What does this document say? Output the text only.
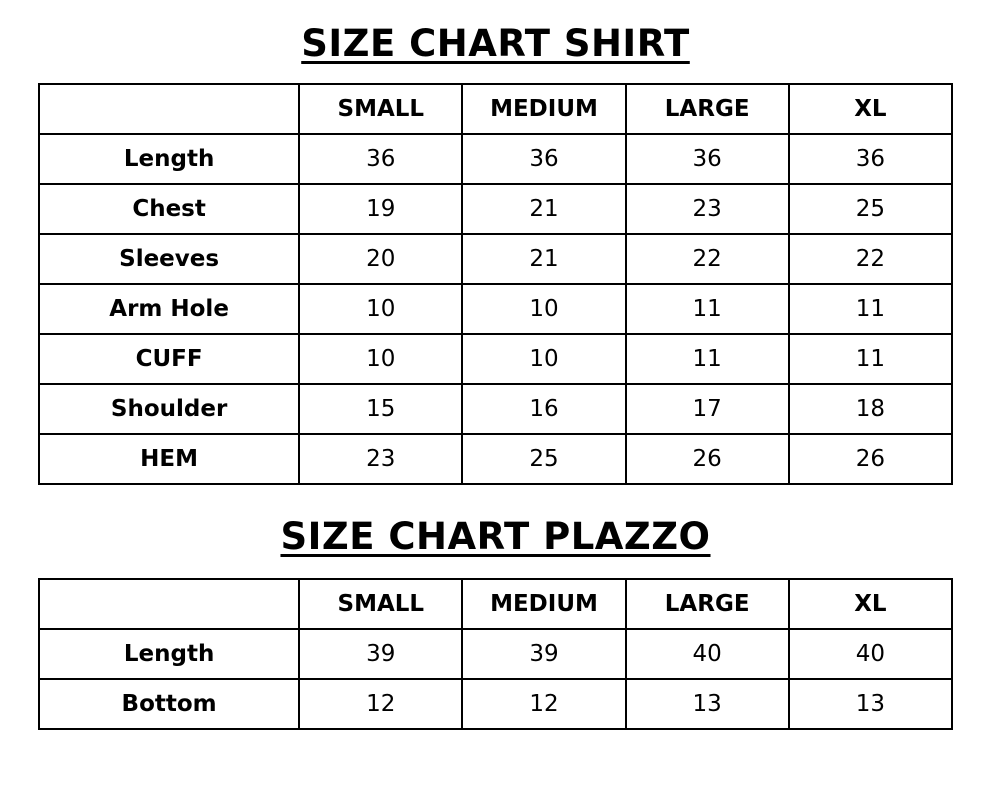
SIZE CHART SHIRT
	SMALL	MEDIUM	LARGE	XL
Length	36	36	36	36
Chest	19	21	23	25
Sleeves	20	21	22	22
Arm Hole	10	10	11	11
CUFF	10	10	11	11
Shoulder	15	16	17	18
HEM	23	25	26	26
SIZE CHART PLAZZO
	SMALL	MEDIUM	LARGE	XL
Length	39	39	40	40
Bottom	12	12	13	13
